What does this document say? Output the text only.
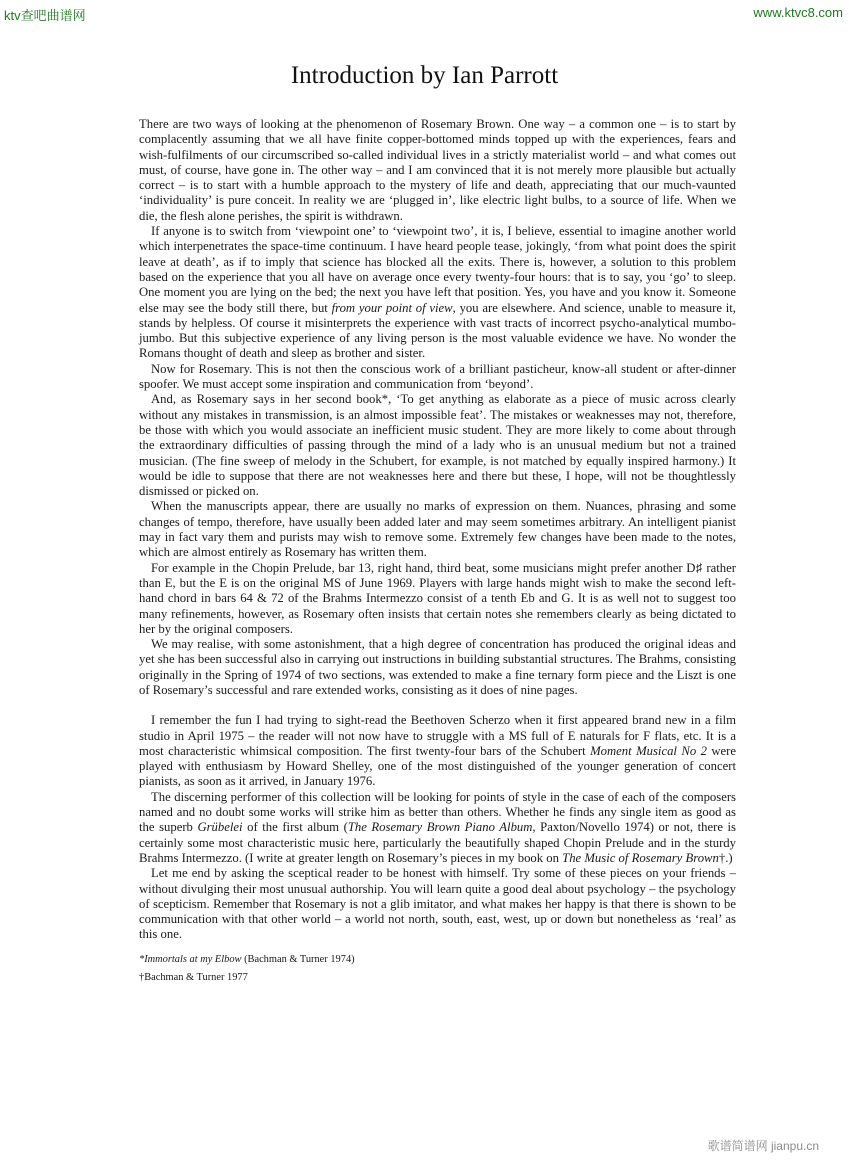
ktv查吧曲谱网	www.ktvc8.com
Introduction by Ian Parrott

There are two ways of looking at the phenomenon of Rosemary Brown. One way – a common one – is to start by complacently assuming that we all have finite copper-bottomed minds topped up with the experiences, fears and wish-fulfilments of our circumscribed so-called individual lives in a strictly materialist world – and what comes out must, of course, have gone in. The other way – and I am convinced that it is not merely more plausible but actually correct – is to start with a humble approach to the mystery of life and death, appreciating that our much-vaunted ‘individuality’ is pure conceit. In reality we are ‘plugged in’, like electric light bulbs, to a source of life. When we die, the flesh alone perishes, the spirit is withdrawn.

If anyone is to switch from ‘viewpoint one’ to ‘viewpoint two’, it is, I believe, essential to imagine another world which interpenetrates the space-time continuum. I have heard people tease, jokingly, ‘from what point does the spirit leave at death’, as if to imply that science has blocked all the exits. There is, however, a solution to this problem based on the experience that you all have on average once every twenty-four hours: that is to say, you ‘go’ to sleep. One moment you are lying on the bed; the next you have left that position. Yes, you have and you know it. Someone else may see the body still there, but from your point of view, you are elsewhere. And science, unable to measure it, stands by helpless. Of course it misinterprets the experience with vast tracts of incorrect psycho-analytical mumbo-jumbo. But this subjective experience of any living person is the most valuable evidence we have. No wonder the Romans thought of death and sleep as brother and sister.

Now for Rosemary. This is not then the conscious work of a brilliant pasticheur, know-all student or after-dinner spoofer. We must accept some inspiration and communication from ‘beyond’.

And, as Rosemary says in her second book*, ‘To get anything as elaborate as a piece of music across clearly without any mistakes in transmission, is an almost impossible feat’. The mistakes or weaknesses may not, therefore, be those with which you would associate an inefficient music student. They are more likely to come about through the extraordinary difficulties of passing through the mind of a lady who is an unusual medium but not a trained musician. (The fine sweep of melody in the Schubert, for example, is not matched by equally inspired harmony.) It would be idle to suppose that there are not weaknesses here and there but these, I hope, will not be thoughtlessly dismissed or picked on.

When the manuscripts appear, there are usually no marks of expression on them. Nuances, phrasing and some changes of tempo, therefore, have usually been added later and may seem sometimes arbitrary. An intelligent pianist may in fact vary them and purists may wish to remove some. Extremely few changes have been made to the notes, which are almost entirely as Rosemary has written them.

For example in the Chopin Prelude, bar 13, right hand, third beat, some musicians might prefer another D♯ rather than E, but the E is on the original MS of June 1969. Players with large hands might wish to make the second left-hand chord in bars 64 & 72 of the Brahms Intermezzo consist of a tenth Eb and G. It is as well not to suggest too many refinements, however, as Rosemary often insists that certain notes she remembers clearly as being dictated to her by the original composers.

We may realise, with some astonishment, that a high degree of concentration has produced the original ideas and yet she has been successful also in carrying out instructions in building substantial structures. The Brahms, consisting originally in the Spring of 1974 of two sections, was extended to make a fine ternary form piece and the Liszt is one of Rosemary’s successful and rare extended works, consisting as it does of nine pages.

I remember the fun I had trying to sight-read the Beethoven Scherzo when it first appeared brand new in a film studio in April 1975 – the reader will not now have to struggle with a MS full of E naturals for F flats, etc. It is a most characteristic whimsical composition. The first twenty-four bars of the Schubert Moment Musical No 2 were played with enthusiasm by Howard Shelley, one of the most distinguished of the younger generation of concert pianists, as soon as it arrived, in January 1976.

The discerning performer of this collection will be looking for points of style in the case of each of the composers named and no doubt some works will strike him as better than others. Whether he finds any single item as good as the superb Grübelei of the first album (The Rosemary Brown Piano Album, Paxton/Novello 1974) or not, there is certainly some most characteristic music here, particularly the beautifully shaped Chopin Prelude and in the sturdy Brahms Intermezzo. (I write at greater length on Rosemary’s pieces in my book on The Music of Rosemary Brown†.)

Let me end by asking the sceptical reader to be honest with himself. Try some of these pieces on your friends – without divulging their most unusual authorship. You will learn quite a good deal about psychology – the psychology of scepticism. Remember that Rosemary is not a glib imitator, and what makes her happy is that there is shown to be communication with that other world – a world not north, south, east, west, up or down but nonetheless as ‘real’ as this one.

*Immortals at my Elbow (Bachman & Turner 1974)
†Bachman & Turner 1977
歌谱简谱网 jianpu.cn
